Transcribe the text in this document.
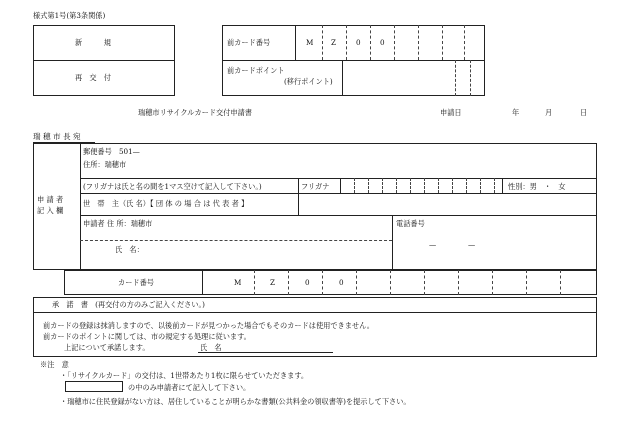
様式第1号(第3条関係)
新　　　規
再　交　付
前カード番号	M Z	0	0
前カードポイント
(移行ポイント)
瑞穂市リサイクルカード交付申請書	申請日	年	月	日
瑞 穂 市 長 宛
申 請 者
記 入 欄
郵便番号　501—
住所：瑞穂市
(フリガナは氏と名の間を1マス空けて記入して下さい。)	フリガナ	性別：男　・　女
世　帯　主（氏 名）【 団 体 の 場 合 は 代 表 者 】
申請者 住 所：瑞穂市	電話番号
—	—
氏　名：
カード番号	M	Z	0	0
承　諾　書　(再交付の方のみご記入ください。)
前カードの登録は抹消しますので、以後前カードが見つかった場合でもそのカードは使用できません。
前カードのポイントに関しては、市の規定する処理に従います。
上記について承諾します。	氏　名
※注　意
・「リサイクルカード」の交付は、1世帯あたり1枚に限らせていただきます。
の中のみ申請者にて記入して下さい。
・瑞穂市に住民登録がない方は、居住していることが明らかな書類(公共料金の領収書等)を提示して下さい。
